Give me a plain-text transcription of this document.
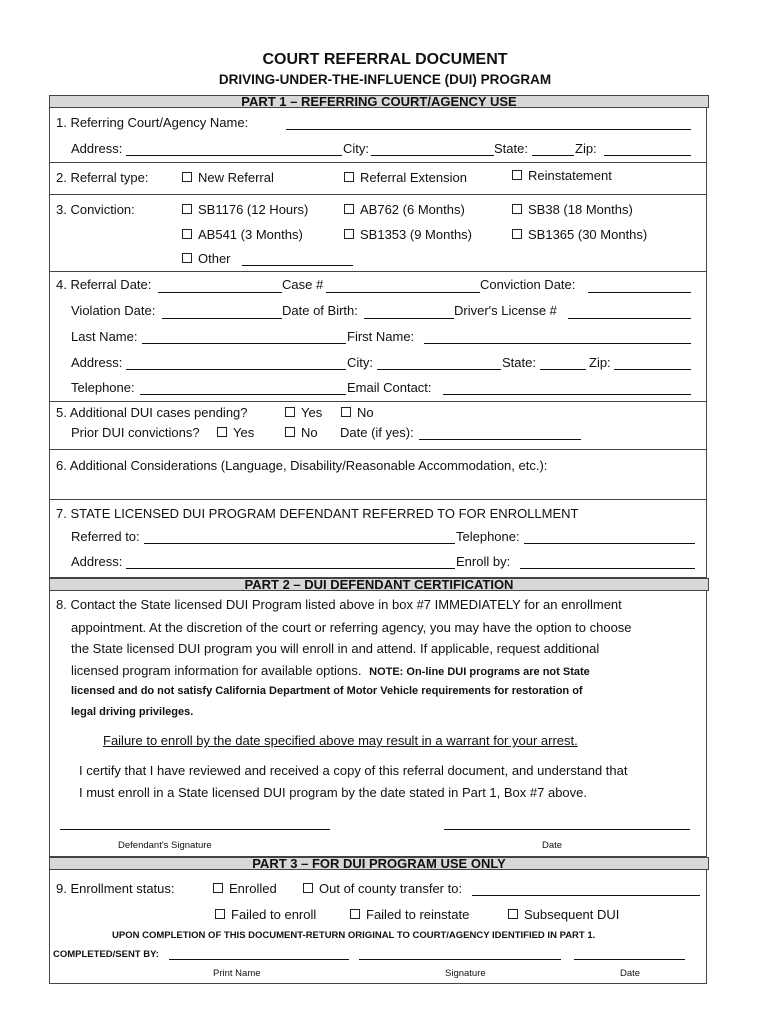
COURT REFERRAL DOCUMENT
DRIVING-UNDER-THE-INFLUENCE (DUI) PROGRAM
PART 1 – REFERRING COURT/AGENCY USE
1. Referring Court/Agency Name:
Address:	City:	State:	Zip:
2. Referral type:	New Referral	Referral Extension	Reinstatement
3. Conviction:	SB1176 (12 Hours)	AB762 (6 Months)	SB38 (18 Months)
AB541 (3 Months)	SB1353 (9 Months)	SB1365 (30 Months)
Other
4. Referral Date:	Case #	Conviction Date:
Violation Date:	Date of Birth:	Driver's License #
Last Name:	First Name:
Address:	City:	State:	Zip:
Telephone:	Email Contact:
5. Additional DUI cases pending?	Yes	No
Prior DUI convictions?	Yes	No Date (if yes):
6. Additional Considerations (Language, Disability/Reasonable Accommodation, etc.):
7. STATE LICENSED DUI PROGRAM DEFENDANT REFERRED TO FOR ENROLLMENT
Referred to:	Telephone:
Address:	Enroll by:
PART 2 – DUI DEFENDANT CERTIFICATION
8. Contact the State licensed DUI Program listed above in box #7 IMMEDIATELY for an enrollment
appointment. At the discretion of the court or referring agency, you may have the option to choose
the State licensed DUI program you will enroll in and attend. If applicable, request additional
licensed program information for available options. NOTE: On-line DUI programs are not State
licensed and do not satisfy California Department of Motor Vehicle requirements for restoration of
legal driving privileges.
Failure to enroll by the date specified above may result in a warrant for your arrest.
I certify that I have reviewed and received a copy of this referral document, and understand that
I must enroll in a State licensed DUI program by the date stated in Part 1, Box #7 above.
Defendant's Signature	Date
PART 3 – FOR DUI PROGRAM USE ONLY
9. Enrollment status:	Enrolled	Out of county transfer to:
Failed to enroll	Failed to reinstate	Subsequent DUI
UPON COMPLETION OF THIS DOCUMENT-RETURN ORIGINAL TO COURT/AGENCY IDENTIFIED IN PART 1.
COMPLETED/SENT BY:
Print Name	Signature	Date
